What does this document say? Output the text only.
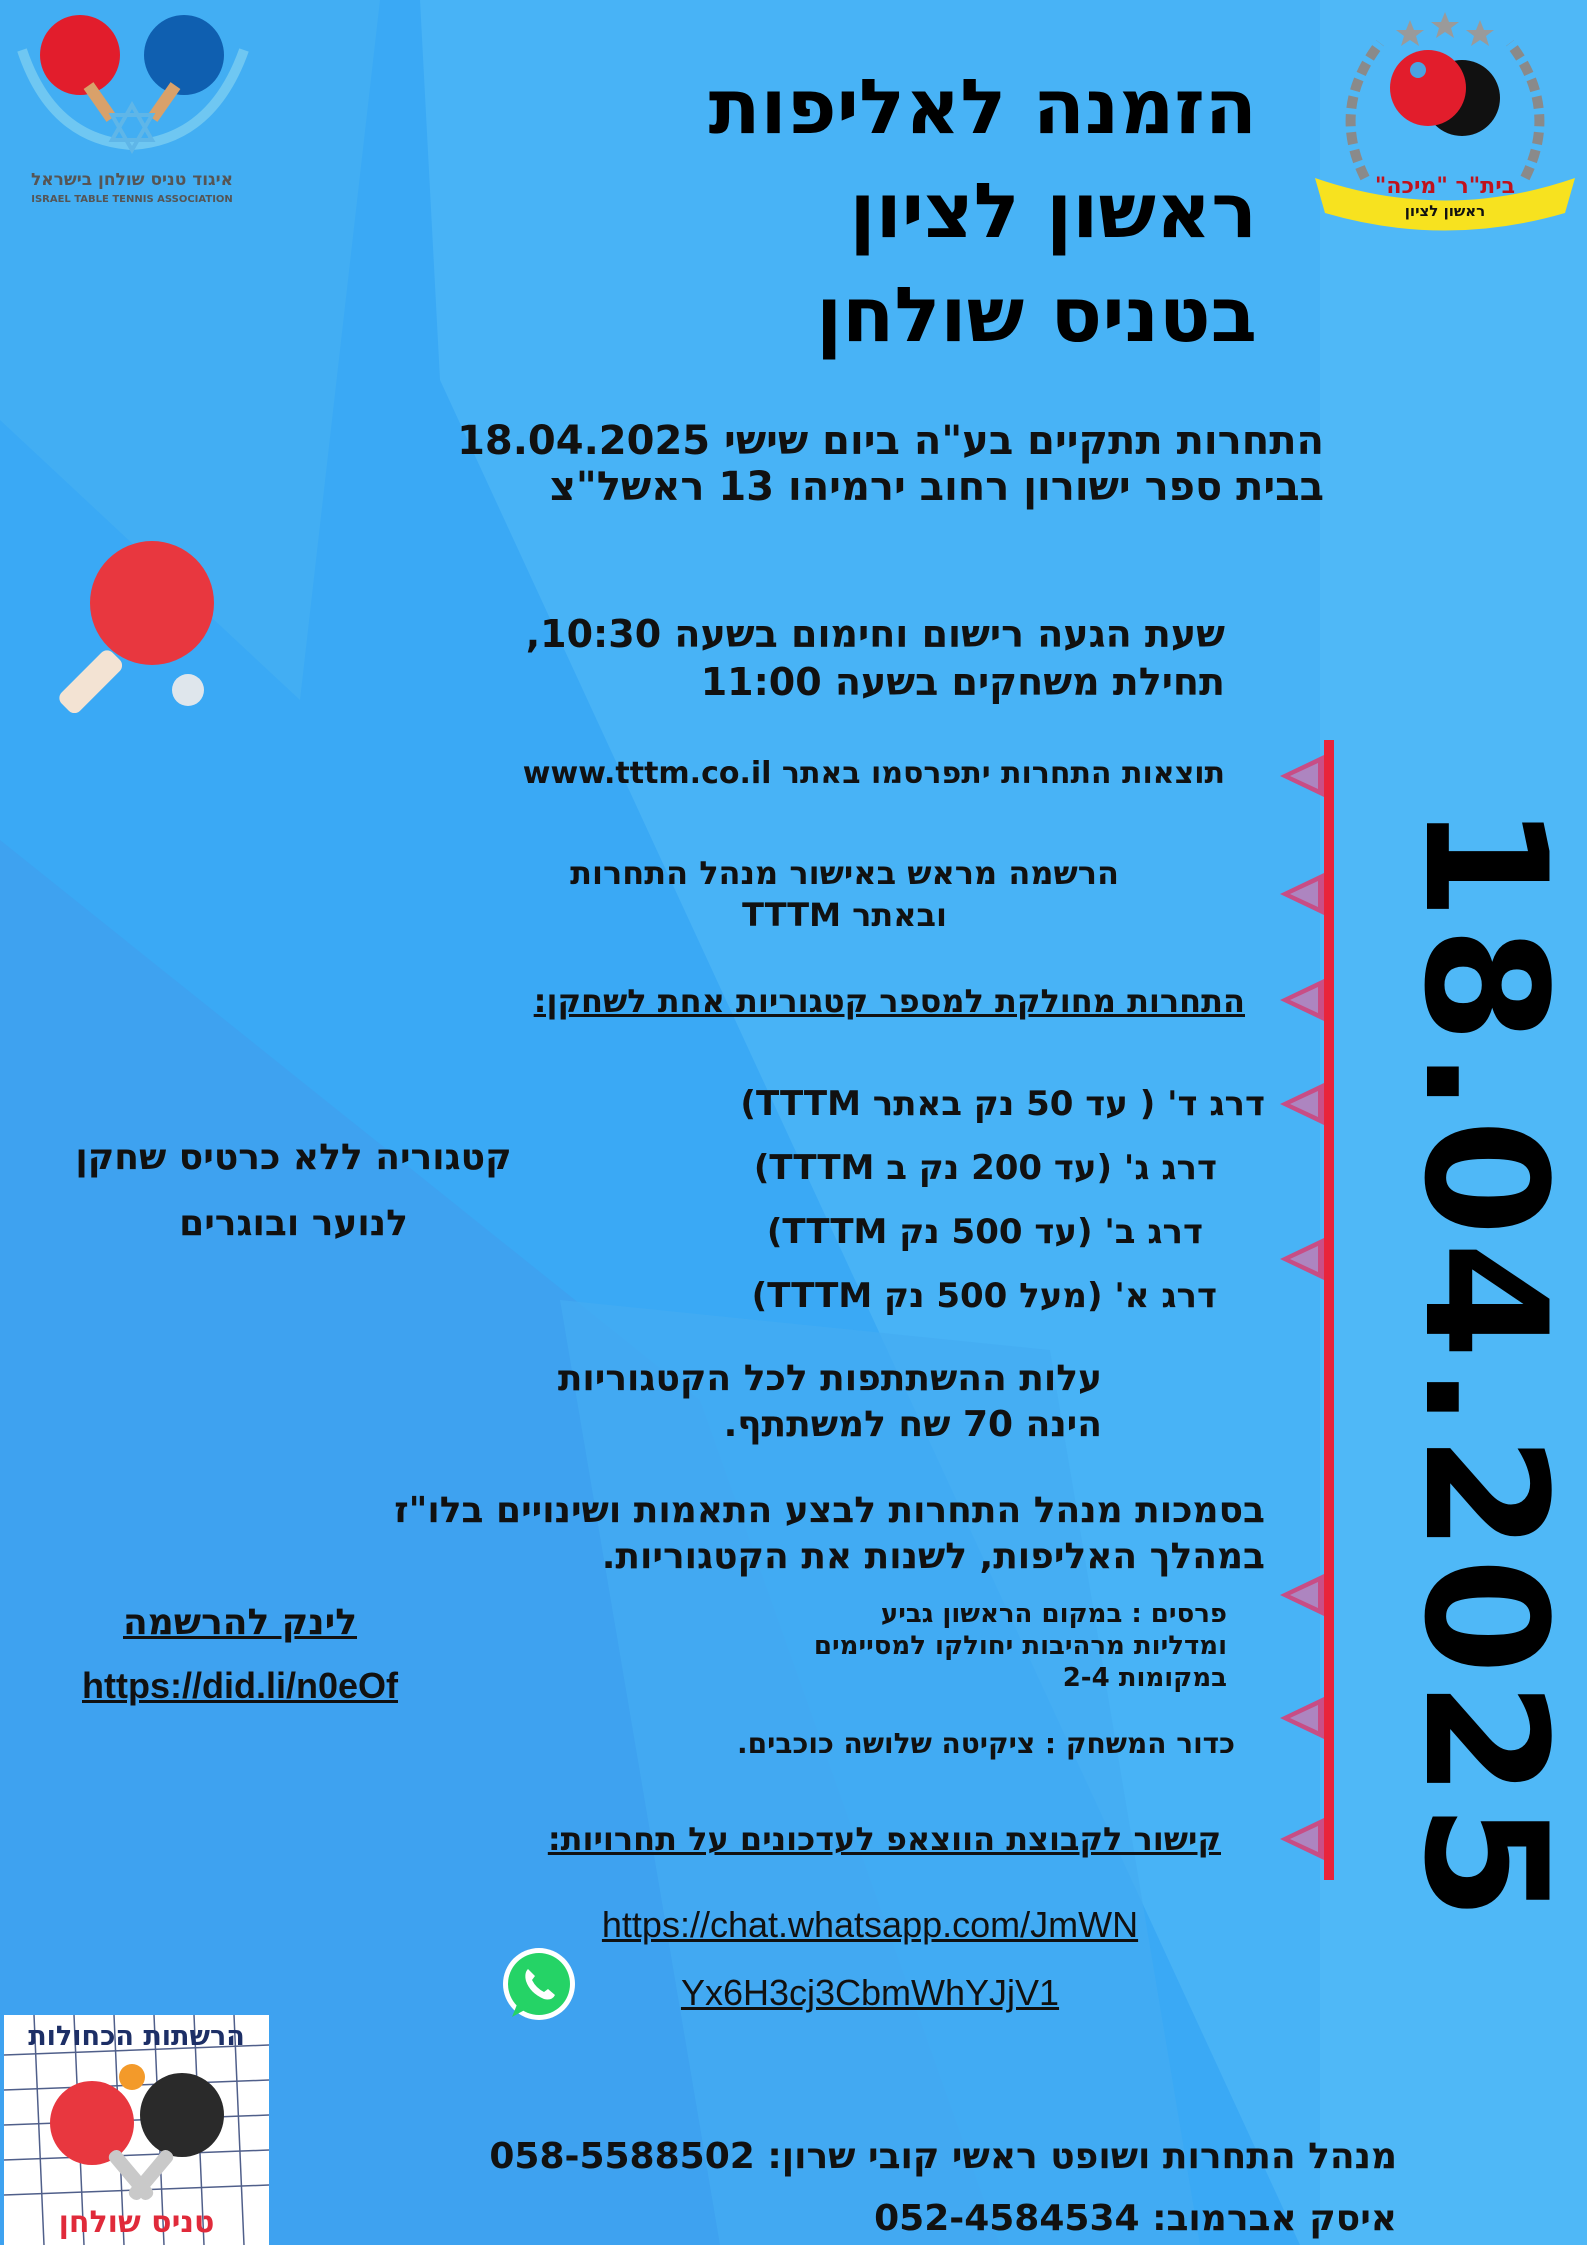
איגוד טניס שולחן בישראל
ISRAEL TABLE TENNIS ASSOCIATION
בית"ר "מיכה"
ראשון לציון
הזמנה לאליפות
ראשון לציון
בטניס שולחן
התחרות תתקיים בע"ה ביום שישי 18.04.2025
בבית ספר ישורון רחוב ירמיהו 13 ראשל"צ
שעת הגעה רישום וחימום בשעה 10:30,
תחילת משחקים בשעה 11:00
תוצאות התחרות יתפרסמו באתר www.tttm.co.il
הרשמה מראש באישור מנהל התחרות
ובאתר TTTM
התחרות מחולקת למספר קטגוריות אחת לשחקן:
דרג ד' ( עד 50 נק באתר TTTM)
דרג ג' (עד 200 נק ב TTTM)
דרג ב' (עד 500 נק TTTM)
דרג א' (מעל 500 נק TTTM)
קטגוריה ללא כרטיס שחקן
לנוער ובוגרים
עלות ההשתתפות לכל הקטגוריות
הינה 70 שח למשתתף.
בסמכות מנהל התחרות לבצע התאמות ושינויים בלו"ז
במהלך האליפות, לשנות את הקטגוריות.
פרסים : במקום הראשון גביע
ומדליות מרהיבות יחולקו למסיימים
במקומות 2-4
כדור המשחק : ציקיטה שלושה כוכבים.
לינק להרשמה
https://did.li/n0eOf
קישור לקבוצת הווצאפ לעדכונים על תחרויות:
https://chat.whatsapp.com/JmWN
Yx6H3cj3CbmWhYJjV1
הרשתות הכחולות
טניס שולחן
מנהל התחרות ושופט ראשי קובי שרון: 058-5588502
איסק אברמוב: 052-4584534
18.04.2025
